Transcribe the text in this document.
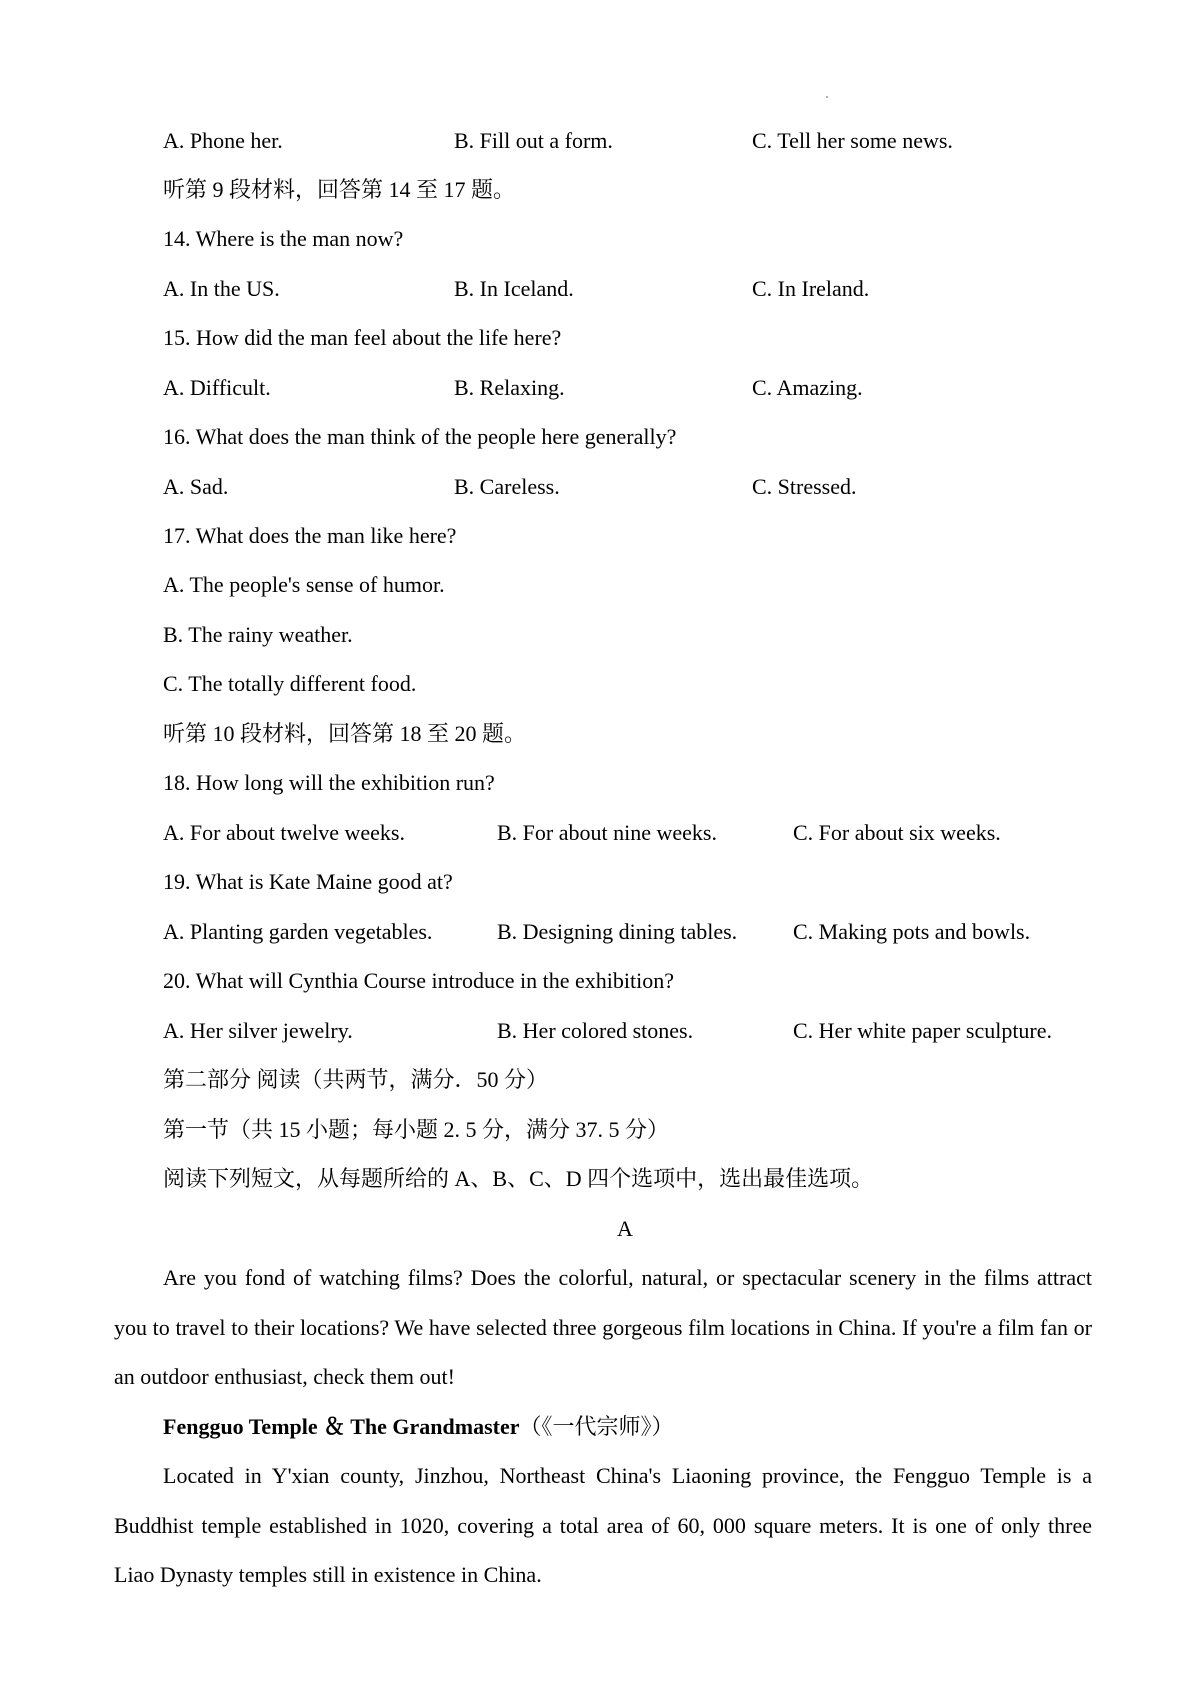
A. Phone her.	B. Fill out a form.	C. Tell her some news.
听第 9 段材料，回答第 14 至 17 题。
14. Where is the man now?
A. In the US.	B. In Iceland.	C. In Ireland.
15. How did the man feel about the life here?
A. Difficult.	B. Relaxing.	C. Amazing.
16. What does the man think of the people here generally?
A. Sad.	B. Careless.	C. Stressed.
17. What does the man like here?
A. The people's sense of humor.
B. The rainy weather.
C. The totally different food.
听第 10 段材料，回答第 18 至 20 题。
18. How long will the exhibition run?
A. For about twelve weeks.	B. For about nine weeks.	C. For about six weeks.
19. What is Kate Maine good at?
A. Planting garden vegetables.	B. Designing dining tables.	C. Making pots and bowls.
20. What will Cynthia Course introduce in the exhibition?
A. Her silver jewelry.	B. Her colored stones.	C. Her white paper sculpture.
第二部分 阅读（共两节，满分．50 分）
第一节（共 15 小题；每小题 2. 5 分，满分 37. 5 分）
阅读下列短文，从每题所给的 A、B、C、D 四个选项中，选出最佳选项。
A

Are you fond of watching films? Does the colorful, natural, or spectacular scenery in the films attract you to travel to their locations? We have selected three gorgeous film locations in China. If you're a film fan or an outdoor enthusiast, check them out!

Fengguo Temple ＆ The Grandmaster（《一代宗师》）

Located in Y'xian county, Jinzhou, Northeast China's Liaoning province, the Fengguo Temple is a Buddhist temple established in 1020, covering a total area of 60, 000 square meters. It is one of only three Liao Dynasty temples still in existence in China.
